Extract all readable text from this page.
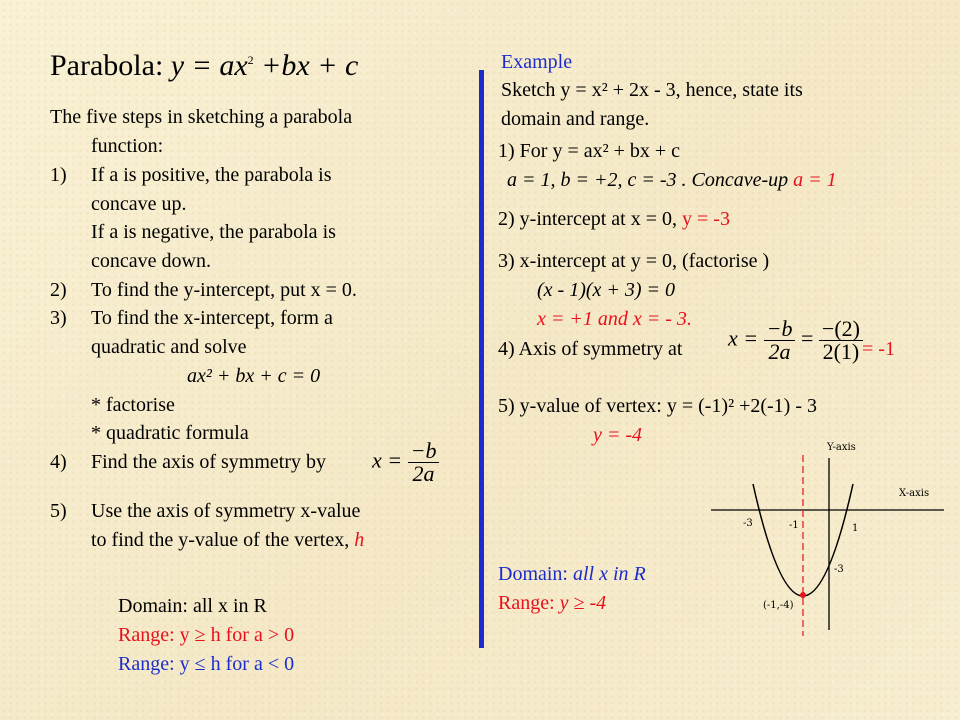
Parabola: $y = ax^2 +bx + c$
The five steps in sketching a parabola
function:
1) If a is positive, the parabola is
concave up.
If a is negative, the parabola is
concave down.
2) To find the y-intercept, put x = 0.
3) To find the x-intercept, form a
quadratic and solve
ax² + bx + c = 0
* factorise
* quadratic formula
4) Find the axis of symmetry by $x = \frac{-b}{2a}$
5) Use the axis of symmetry x-value
to find the y-value of the vertex, h
Domain: all x in R
Range: y ≥ h for a > 0
Range: y ≤ h for a < 0
Example
Sketch y = x² + 2x - 3, hence, state its
domain and range.
1) For y = ax² + bx + c
a = 1, b = +2, c = -3 . Concave-up a = 1
2) y-intercept at x = 0, y = -3
3) x-intercept at y = 0, (factorise )
(x - 1)(x + 3) = 0
x = +1 and x = - 3.
4) Axis of symmetry at $x = \frac{-b}{2a} = \frac{-(2)}{2(1)} = -1$
5) y-value of vertex: y = (-1)² +2(-1) - 3
y = -4
Domain: all x in R
Range: y ≥ -4
Y-axis
X-axis
-3	-1	1
-3
(-1,-4)
